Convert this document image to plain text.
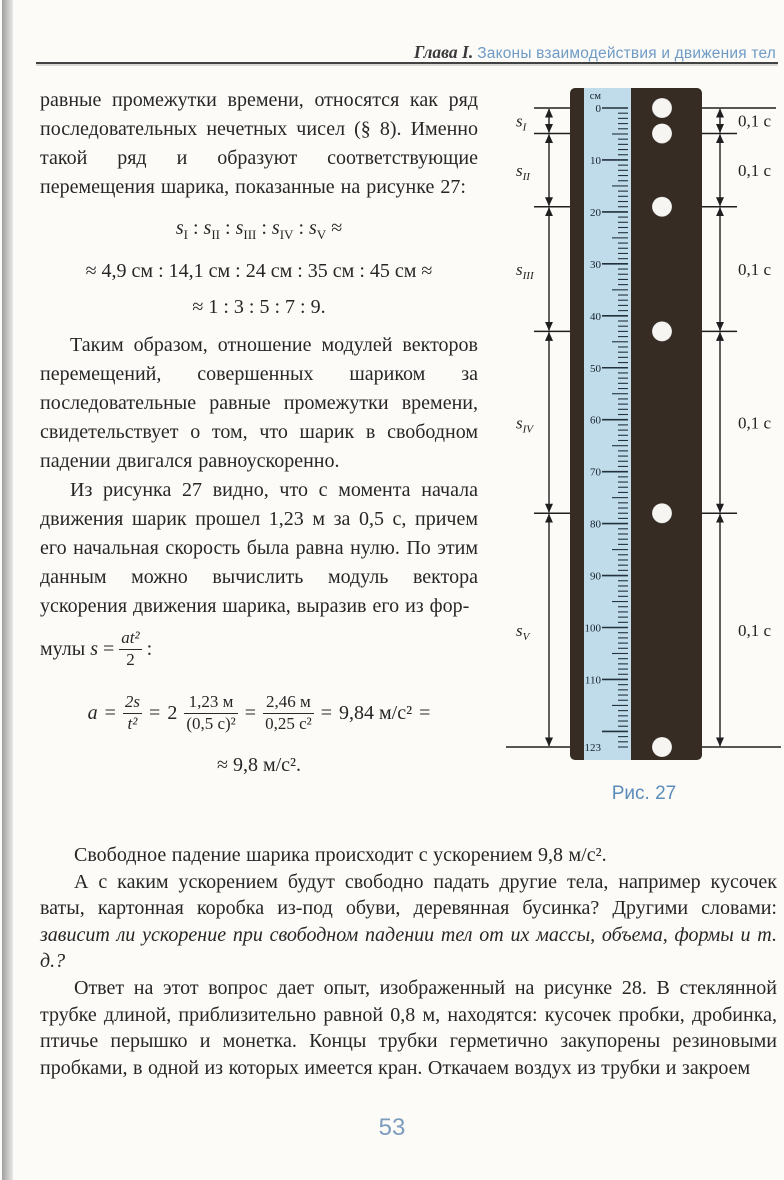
Глава I. Законы взаимодействия и движения тел

равные промежутки времени, относятся как ряд последовательных нечетных чисел (§ 8). Именно такой ряд и образуют соответствующие перемещения шарика, показанные на рисунке 27:

$s_I$ : $s_{II}$ : $s_{III}$ : $s_{IV}$ : $s_V$ ≈
≈ 4,9 см : 14,1 см : 24 см : 35 см : 45 см ≈
≈ 1 : 3 : 5 : 7 : 9.

Таким образом, отношение модулей векторов перемещений, совершенных шариком за последовательные равные промежутки времени, свидетельствует о том, что шарик в свободном падении двигался равноускоренно.

Из рисунка 27 видно, что с момента начала движения шарик прошел 1,23 м за 0,5 с, причем его начальная скорость была равна нулю. По этим данным можно вычислить модуль вектора ускорения движения шарика, выразив его из фор-

мулы $s = \frac{\text{at²}}{2}$ :
$a = \frac{2s}{\text{t²}} = 2 \frac{1,23 м}{\text{(0,5 с)²}} = \frac{2,46 м}{\text{0,25 с²}} = 9,84$ м/с² =
≈ 9,8 м/с².
см
0
10
20
30
40
50
60
70
80
90
100
110
123
$s_I$	0,1 с
$s_{II}$	0,1 с
$s_{III}$	0,1 с
$s_{IV}$	0,1 с
$s_V$	0,1 с
Рис. 27

Свободное падение шарика происходит с ускорением 9,8 м/с².

А с каким ускорением будут свободно падать другие тела, например кусочек ваты, картонная коробка из-под обуви, деревянная бусинка? Другими словами: зависит ли ускорение при свободном падении тел от их массы, объема, формы и т. д.?

Ответ на этот вопрос дает опыт, изображенный на рисунке 28. В стеклянной трубке длиной, приблизительно равной 0,8 м, находятся: кусочек пробки, дробинка, птичье перышко и монетка. Концы трубки герметично закупорены резиновыми пробками, в одной из которых имеется кран. Откачаем воздух из трубки и закроем

53
